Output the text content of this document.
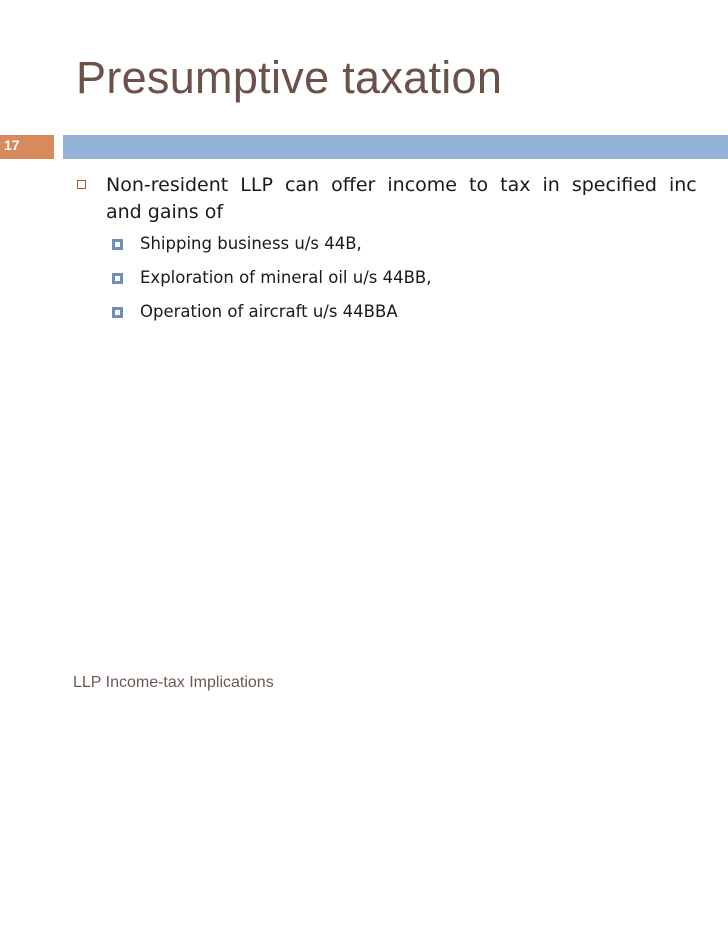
Presumptive taxation
17
Non-resident LLP can offer income to tax in specified inc
and gains of
Shipping business u/s 44B,
Exploration of mineral oil u/s 44BB,
Operation of aircraft u/s 44BBA
LLP Income-tax Implications
